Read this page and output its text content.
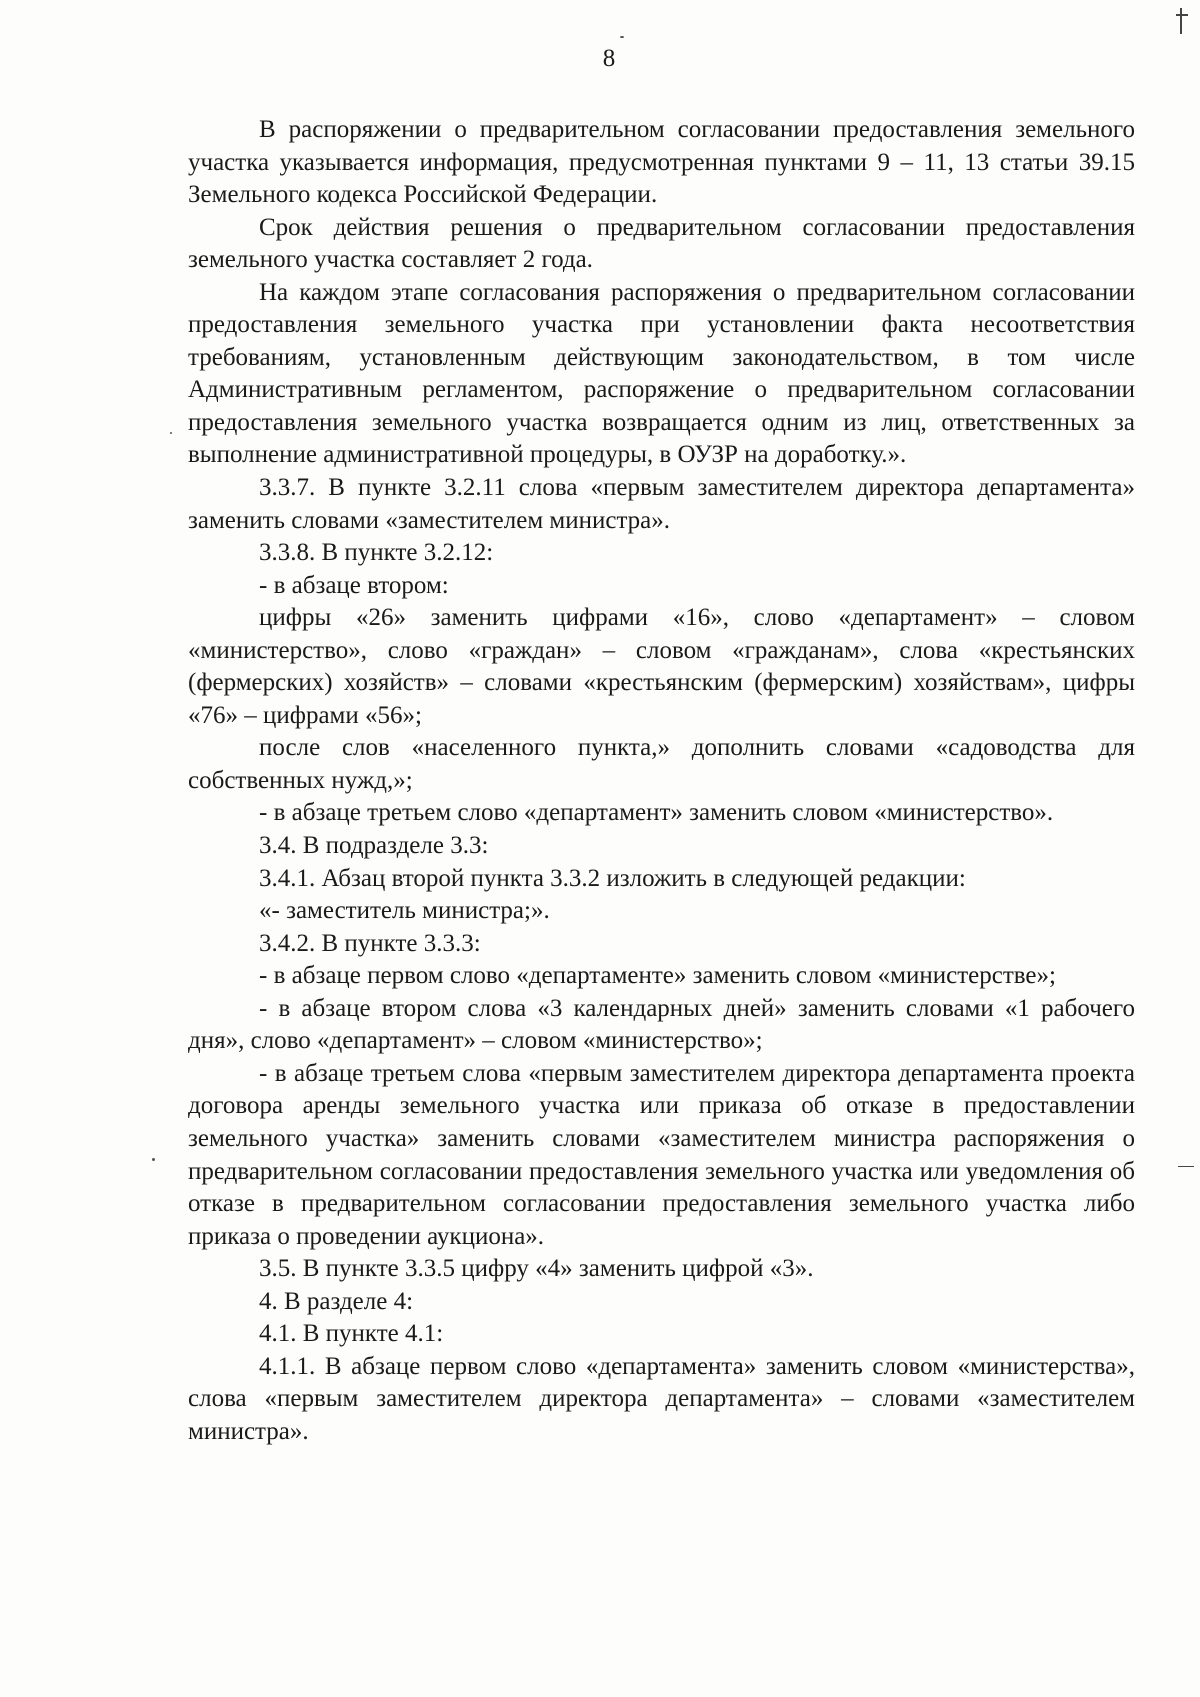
8

В распоряжении о предварительном согласовании предоставления земельного участка указывается информация, предусмотренная пунктами 9 – 11, 13 статьи 39.15 Земельного кодекса Российской Федерации.

Срок действия решения о предварительном согласовании предоставления земельного участка составляет 2 года.

На каждом этапе согласования распоряжения о предварительном согласовании предоставления земельного участка при установлении факта несоответствия требованиям, установленным действующим законодательством, в том числе Административным регламентом, распоряжение о предварительном согласовании предоставления земельного участка возвращается одним из лиц, ответственных за выполнение административной процедуры, в ОУЗР на доработку.».

3.3.7. В пункте 3.2.11 слова «первым заместителем директора департамента» заменить словами «заместителем министра».

3.3.8. В пункте 3.2.12:

- в абзаце втором:

цифры «26» заменить цифрами «16», слово «департамент» – словом «министерство», слово «граждан» – словом «гражданам», слова «крестьянских (фермерских) хозяйств» – словами «крестьянским (фермерским) хозяйствам», цифры «76» – цифрами «56»;

после слов «населенного пункта,» дополнить словами «садоводства для собственных нужд,»;

- в абзаце третьем слово «департамент» заменить словом «министерство».

3.4. В подразделе 3.3:

3.4.1. Абзац второй пункта 3.3.2 изложить в следующей редакции:

«- заместитель министра;».

3.4.2. В пункте 3.3.3:

- в абзаце первом слово «департаменте» заменить словом «министерстве»;

- в абзаце втором слова «3 календарных дней» заменить словами «1 рабочего дня», слово «департамент» – словом «министерство»;

- в абзаце третьем слова «первым заместителем директора департамента проекта договора аренды земельного участка или приказа об отказе в предоставлении земельного участка» заменить словами «заместителем министра распоряжения о предварительном согласовании предоставления земельного участка или уведомления об отказе в предварительном согласовании предоставления земельного участка либо приказа о проведении аукциона».

3.5. В пункте 3.3.5 цифру «4» заменить цифрой «3».

4. В разделе 4:

4.1. В пункте 4.1:

4.1.1. В абзаце первом слово «департамента» заменить словом «министерства», слова «первым заместителем директора департамента» – словами «заместителем министра».
